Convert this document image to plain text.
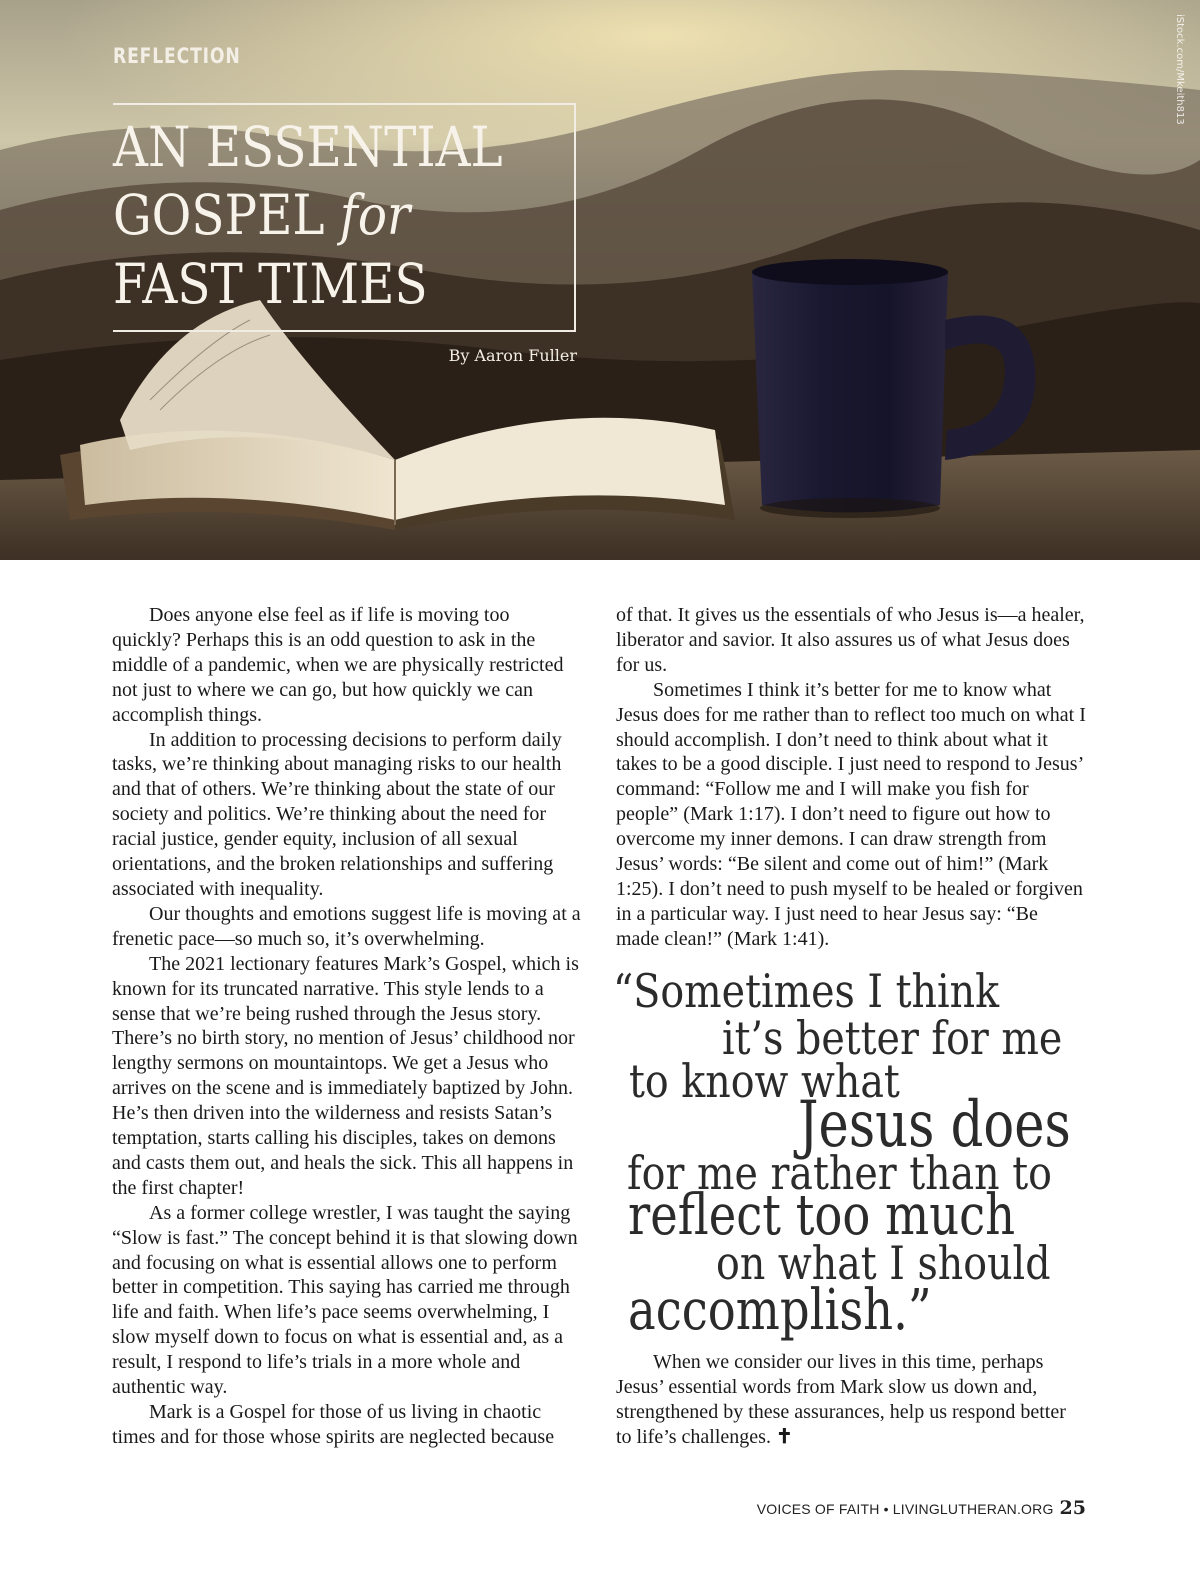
iStock.com/Mkeith813
REFLECTION
AN ESSENTIAL
GOSPEL for
FAST TIMES
By Aaron Fuller

Does anyone else feel as if life is moving too quickly? Perhaps this is an odd question to ask in the middle of a pandemic, when we are physically restricted not just to where we can go, but how quickly we can accomplish things.

In addition to processing decisions to perform daily tasks, we’re thinking about managing risks to our health and that of others. We’re thinking about the state of our society and politics. We’re thinking about the need for racial justice, gender equity, inclusion of all sexual orientations, and the broken relationships and suffering associated with inequality.

Our thoughts and emotions suggest life is moving at a frenetic pace—so much so, it’s overwhelming.

The 2021 lectionary features Mark’s Gospel, which is known for its truncated narrative. This style lends to a sense that we’re being rushed through the Jesus story. There’s no birth story, no mention of Jesus’ childhood nor lengthy sermons on mountaintops. We get a Jesus who arrives on the scene and is immediately baptized by John. He’s then driven into the wilderness and resists Satan’s temptation, starts calling his disciples, takes on demons and casts them out, and heals the sick. This all happens in the first chapter!

As a former college wrestler, I was taught the saying “Slow is fast.” The concept behind it is that slowing down and focusing on what is essential allows one to perform better in competition. This saying has carried me through life and faith. When life’s pace seems overwhelming, I slow myself down to focus on what is essential and, as a result, I respond to life’s trials in a more whole and authentic way.

Mark is a Gospel for those of us living in chaotic times and for those whose spirits are neglected because

of that. It gives us the essentials of who Jesus is—a healer, liberator and savior. It also assures us of what Jesus does for us.

Sometimes I think it’s better for me to know what Jesus does for me rather than to reflect too much on what I should accomplish. I don’t need to think about what it takes to be a good disciple. I just need to respond to Jesus’ command: “Follow me and I will make you fish for people” (Mark 1:17). I don’t need to figure out how to overcome my inner demons. I can draw strength from Jesus’ words: “Be silent and come out of him!” (Mark 1:25). I don’t need to push myself to be healed or forgiven in a particular way. I just need to hear Jesus say: “Be made clean!” (Mark 1:41).

“Sometimes I think
it’s better for me
to know what
Jesus does
for me rather than to
reflect too much
on what I should
accomplish.”

When we consider our lives in this time, perhaps Jesus’ essential words from Mark slow us down and, strengthened by these assurances, help us respond better to life’s challenges. ✝

VOICES OF FAITH • LIVINGLUTHERAN.ORG 25
